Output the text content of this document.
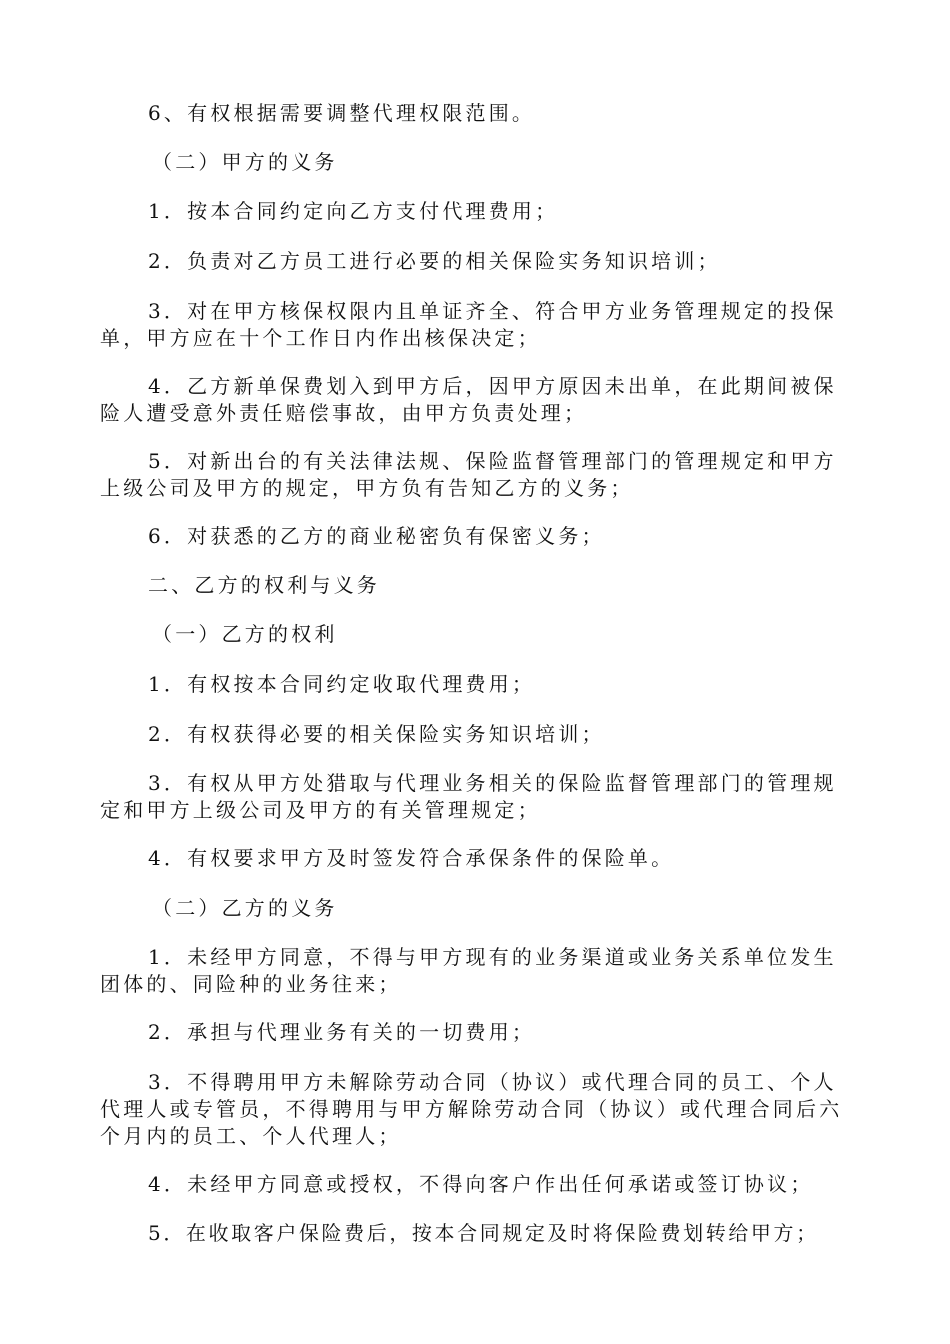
6、有权根据需要调整代理权限范围。

（二）甲方的义务

1．按本合同约定向乙方支付代理费用；

2．负责对乙方员工进行必要的相关保险实务知识培训；

3．对在甲方核保权限内且单证齐全、符合甲方业务管理规定的投保单，甲方应在十个工作日内作出核保决定；

4．乙方新单保费划入到甲方后，因甲方原因未出单，在此期间被保险人遭受意外责任赔偿事故，由甲方负责处理；

5．对新出台的有关法律法规、保险监督管理部门的管理规定和甲方上级公司及甲方的规定，甲方负有告知乙方的义务；

6．对获悉的乙方的商业秘密负有保密义务；

二、乙方的权利与义务

（一）乙方的权利

1．有权按本合同约定收取代理费用；

2．有权获得必要的相关保险实务知识培训；

3．有权从甲方处猎取与代理业务相关的保险监督管理部门的管理规定和甲方上级公司及甲方的有关管理规定；

4．有权要求甲方及时签发符合承保条件的保险单。

（二）乙方的义务

1．未经甲方同意，不得与甲方现有的业务渠道或业务关系单位发生团体的、同险种的业务往来；

2．承担与代理业务有关的一切费用；

3．不得聘用甲方未解除劳动合同（协议）或代理合同的员工、个人代理人或专管员，不得聘用与甲方解除劳动合同（协议）或代理合同后六个月内的员工、个人代理人；

4．未经甲方同意或授权，不得向客户作出任何承诺或签订协议；

5．在收取客户保险费后，按本合同规定及时将保险费划转给甲方；
